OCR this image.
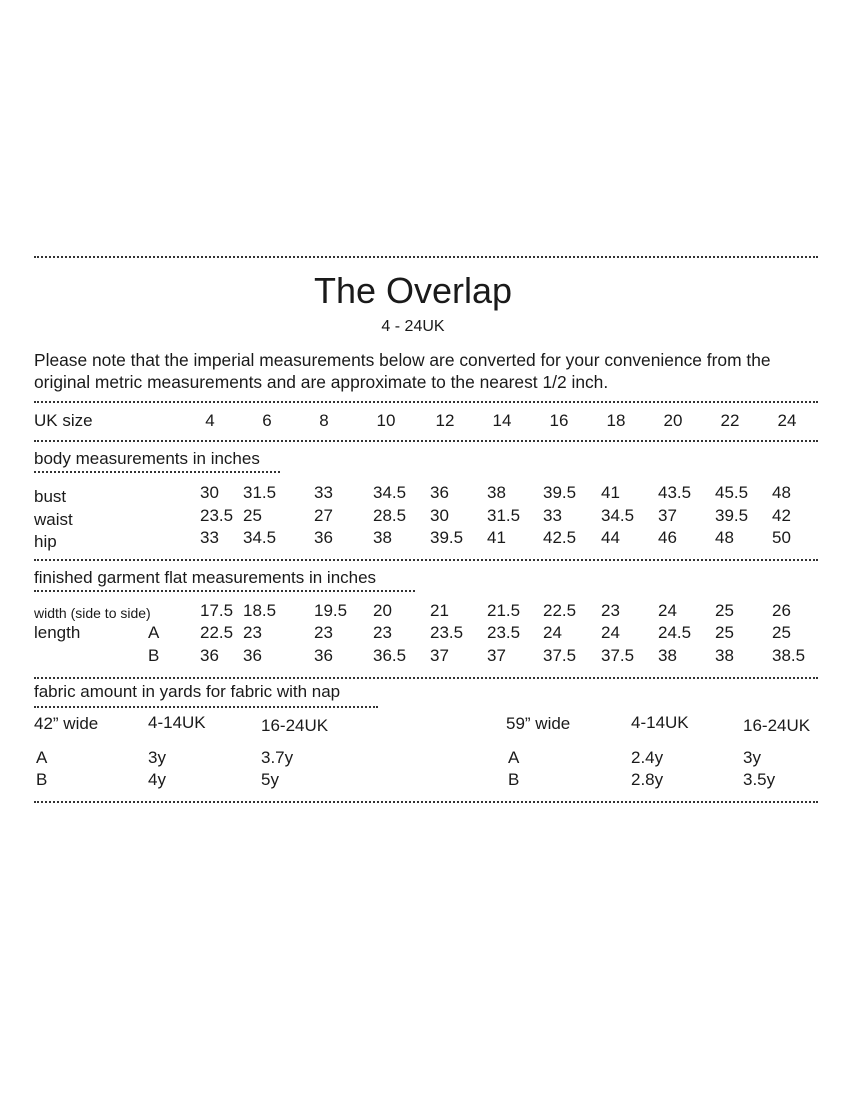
The Overlap
4 - 24UK
Please note that the imperial measurements below are converted for your convenience from the
original metric measurements and are approximate to the nearest 1/2 inch.
UK size	4	6	8	10	12	14	16	18	20	22	24
body measurements in inches
bust	30 31.5 33 34.5 36 38 39.5 41 43.5 45.5 48
waist	23.5 25	27 28.5 30 31.5 33 34.5 37 39.5 42
hip	33 34.5 36 38 39.5 41 42.5 44 46 48 50
finished garment flat measurements in inches
width (side to side)	17.5 18.5 19.5 20 21 21.5 22.5 23 24 25 26
length	A 22.5 23	23 23 23.5 23.5 24 24 24.5 25 25
B 36 36	36 36.5 37 37 37.5 37.5 38 38 38.5
fabric amount in yards for fabric with nap
42” wide	4-14UK	16-24UK
A	3y	3.7y
B	4y	5y
59” wide	4-14UK	16-24UK
A	2.4y	3y
B	2.8y	3.5y
